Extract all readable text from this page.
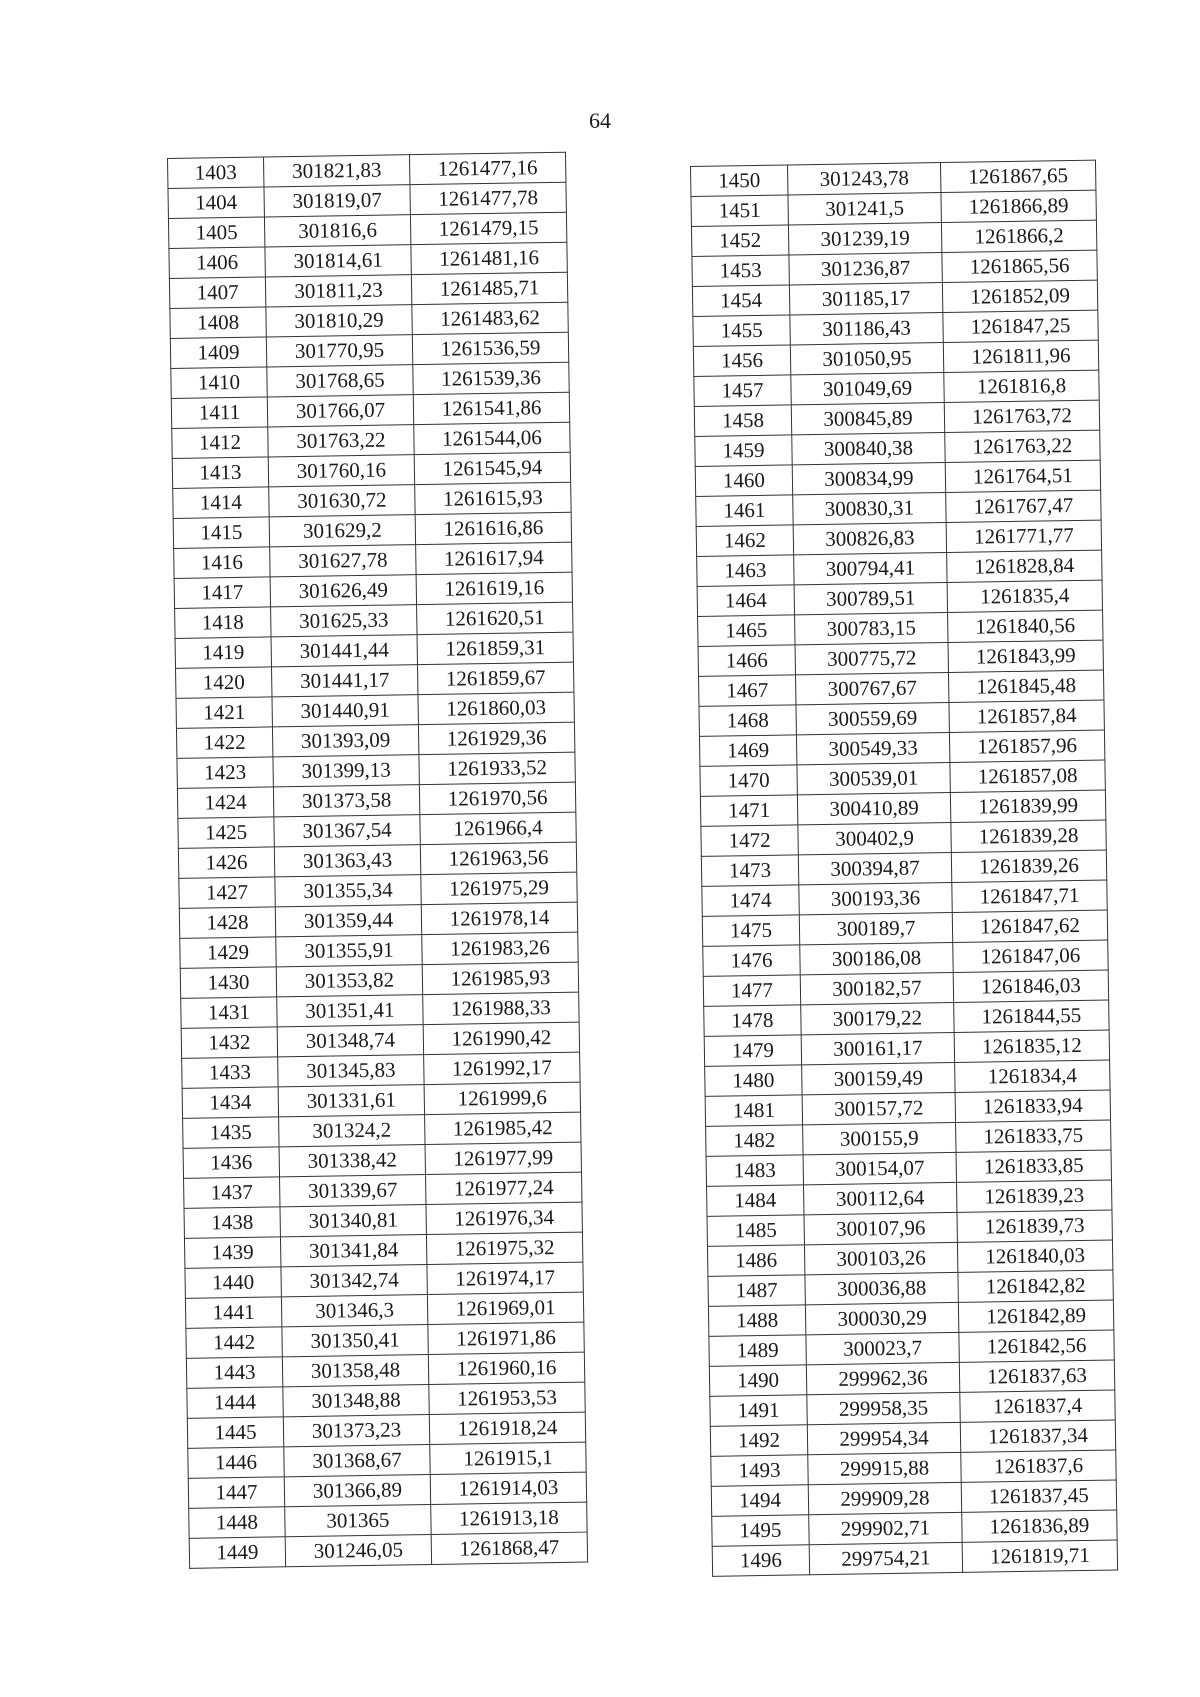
64
1403	301821,83	1261477,16
1404	301819,07	1261477,78
1405	301816,6	1261479,15
1406	301814,61	1261481,16
1407	301811,23	1261485,71
1408	301810,29	1261483,62
1409	301770,95	1261536,59
1410	301768,65	1261539,36
1411	301766,07	1261541,86
1412	301763,22	1261544,06
1413	301760,16	1261545,94
1414	301630,72	1261615,93
1415	301629,2	1261616,86
1416	301627,78	1261617,94
1417	301626,49	1261619,16
1418	301625,33	1261620,51
1419	301441,44	1261859,31
1420	301441,17	1261859,67
1421	301440,91	1261860,03
1422	301393,09	1261929,36
1423	301399,13	1261933,52
1424	301373,58	1261970,56
1425	301367,54	1261966,4
1426	301363,43	1261963,56
1427	301355,34	1261975,29
1428	301359,44	1261978,14
1429	301355,91	1261983,26
1430	301353,82	1261985,93
1431	301351,41	1261988,33
1432	301348,74	1261990,42
1433	301345,83	1261992,17
1434	301331,61	1261999,6
1435	301324,2	1261985,42
1436	301338,42	1261977,99
1437	301339,67	1261977,24
1438	301340,81	1261976,34
1439	301341,84	1261975,32
1440	301342,74	1261974,17
1441	301346,3	1261969,01
1442	301350,41	1261971,86
1443	301358,48	1261960,16
1444	301348,88	1261953,53
1445	301373,23	1261918,24
1446	301368,67	1261915,1
1447	301366,89	1261914,03
1448	301365	1261913,18
1449	301246,05	1261868,47
1450	301243,78	1261867,65
1451	301241,5	1261866,89
1452	301239,19	1261866,2
1453	301236,87	1261865,56
1454	301185,17	1261852,09
1455	301186,43	1261847,25
1456	301050,95	1261811,96
1457	301049,69	1261816,8
1458	300845,89	1261763,72
1459	300840,38	1261763,22
1460	300834,99	1261764,51
1461	300830,31	1261767,47
1462	300826,83	1261771,77
1463	300794,41	1261828,84
1464	300789,51	1261835,4
1465	300783,15	1261840,56
1466	300775,72	1261843,99
1467	300767,67	1261845,48
1468	300559,69	1261857,84
1469	300549,33	1261857,96
1470	300539,01	1261857,08
1471	300410,89	1261839,99
1472	300402,9	1261839,28
1473	300394,87	1261839,26
1474	300193,36	1261847,71
1475	300189,7	1261847,62
1476	300186,08	1261847,06
1477	300182,57	1261846,03
1478	300179,22	1261844,55
1479	300161,17	1261835,12
1480	300159,49	1261834,4
1481	300157,72	1261833,94
1482	300155,9	1261833,75
1483	300154,07	1261833,85
1484	300112,64	1261839,23
1485	300107,96	1261839,73
1486	300103,26	1261840,03
1487	300036,88	1261842,82
1488	300030,29	1261842,89
1489	300023,7	1261842,56
1490	299962,36	1261837,63
1491	299958,35	1261837,4
1492	299954,34	1261837,34
1493	299915,88	1261837,6
1494	299909,28	1261837,45
1495	299902,71	1261836,89
1496	299754,21	1261819,71
